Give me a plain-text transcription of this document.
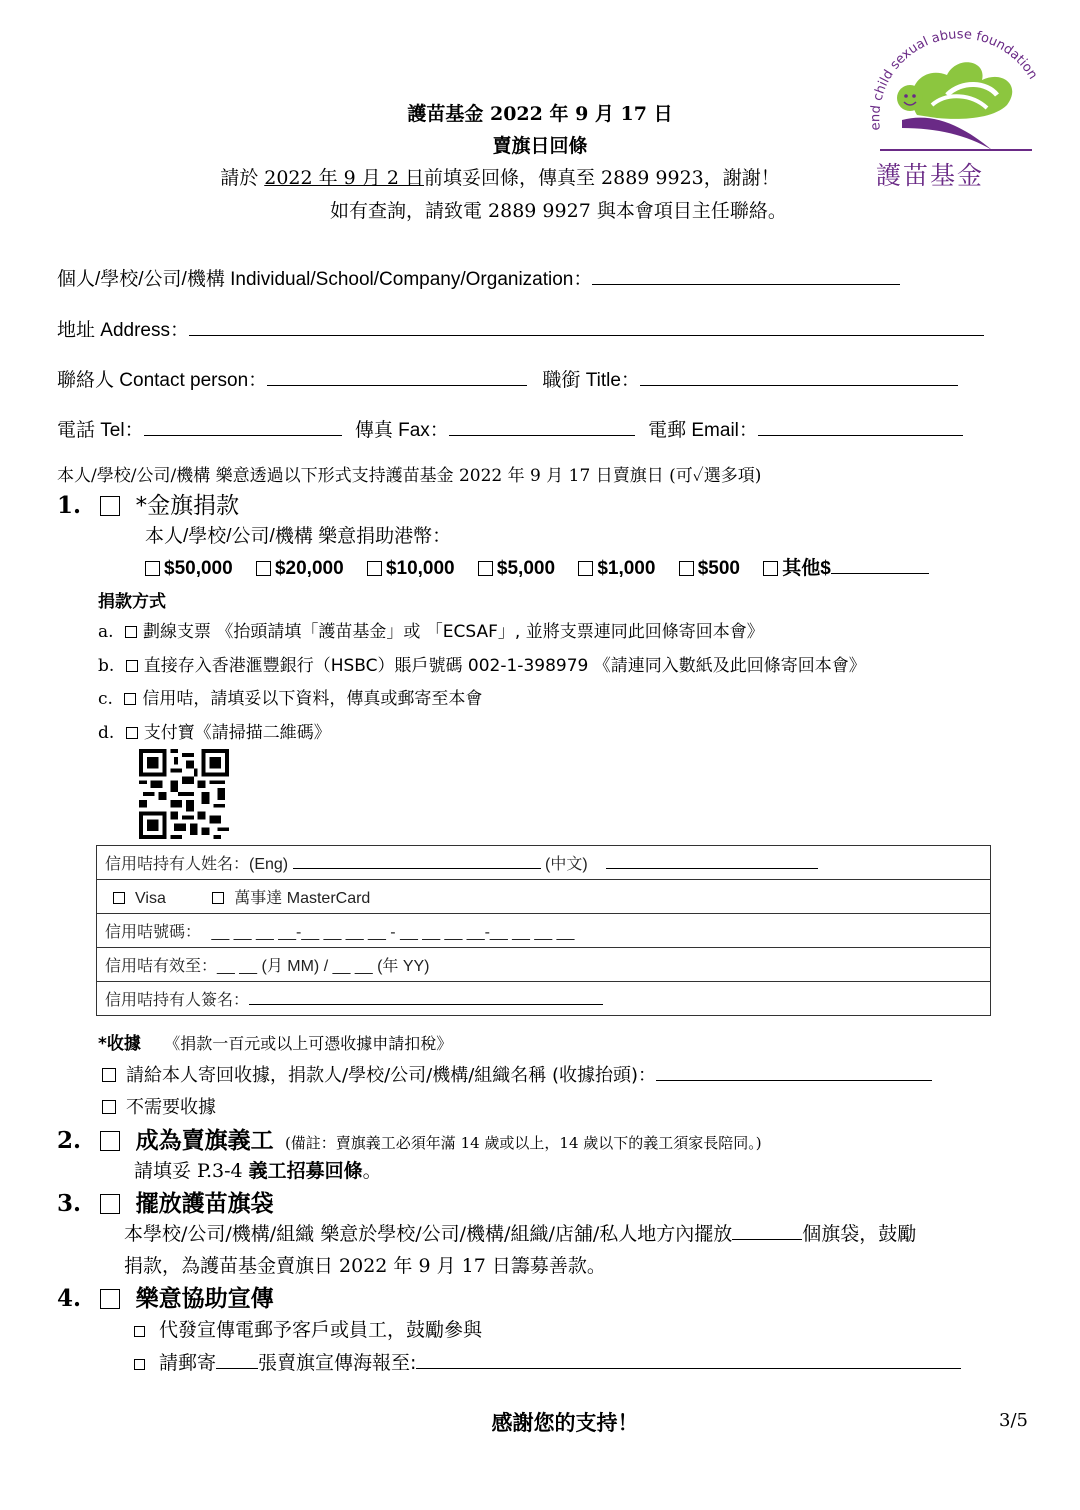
end child sexual abuse foundation
護苗基金
護苗基金 2022 年 9 月 17 日
賣旗日回條
請於 2022 年 9 月 2 日前填妥回條，傳真至 2889 9923，謝謝！
如有查詢，請致電 2889 9927 與本會項目主任聯絡。
個人/學校/公司/機構 Individual/School/Company/Organization：
地址 Address：
聯絡人 Contact person：	職銜 Title：
電話 Tel：	傳真 Fax：	電郵 Email：
本人/學校/公司/機構 樂意透過以下形式支持護苗基金 2022 年 9 月 17 日賣旗日 (可✓選多項)
1. *金旗捐款
本人/學校/公司/機構 樂意捐助港幣：
$50,000 $20,000 $10,000 $5,000 $1,000 $500 其他$
捐款方式
a. 劃線支票 《抬頭請填「護苗基金」或 「ECSAF」, 並將支票連同此回條寄回本會》
b. 直接存入香港滙豐銀行（HSBC）賬戶號碼 002-1-398979 《請連同入數紙及此回條寄回本會》
c. 信用咭，請填妥以下資料，傳真或郵寄至本會
d. 支付寶《請掃描二維碼》
信用咭持有人姓名：(Eng)	(中文)
Visa	萬事達 MasterCard
信用咭號碼： __ __ __ __-__ __ __ __ - __ __ __ __-__ __ __ __
信用咭有效至：__ __ (月 MM) / __ __ (年 YY)
信用咭持有人簽名：
*收據 《捐款一百元或以上可憑收據申請扣稅》
請給本人寄回收據，捐款人/學校/公司/機構/組織名稱 (收據抬頭)：
不需要收據
2. 成為賣旗義工 (備註：賣旗義工必須年滿 14 歲或以上，14 歲以下的義工須家長陪同。)
請填妥 P.3-4 義工招募回條。
3. 擺放護苗旗袋
本學校/公司/機構/組織 樂意於學校/公司/機構/組織/店舖/私人地方內擺放	個旗袋，鼓勵
捐款，為護苗基金賣旗日 2022 年 9 月 17 日籌募善款。
4. 樂意協助宣傳
代發宣傳電郵予客戶或員工，鼓勵參與
請郵寄 張賣旗宣傳海報至:
感謝您的支持！	3/5
